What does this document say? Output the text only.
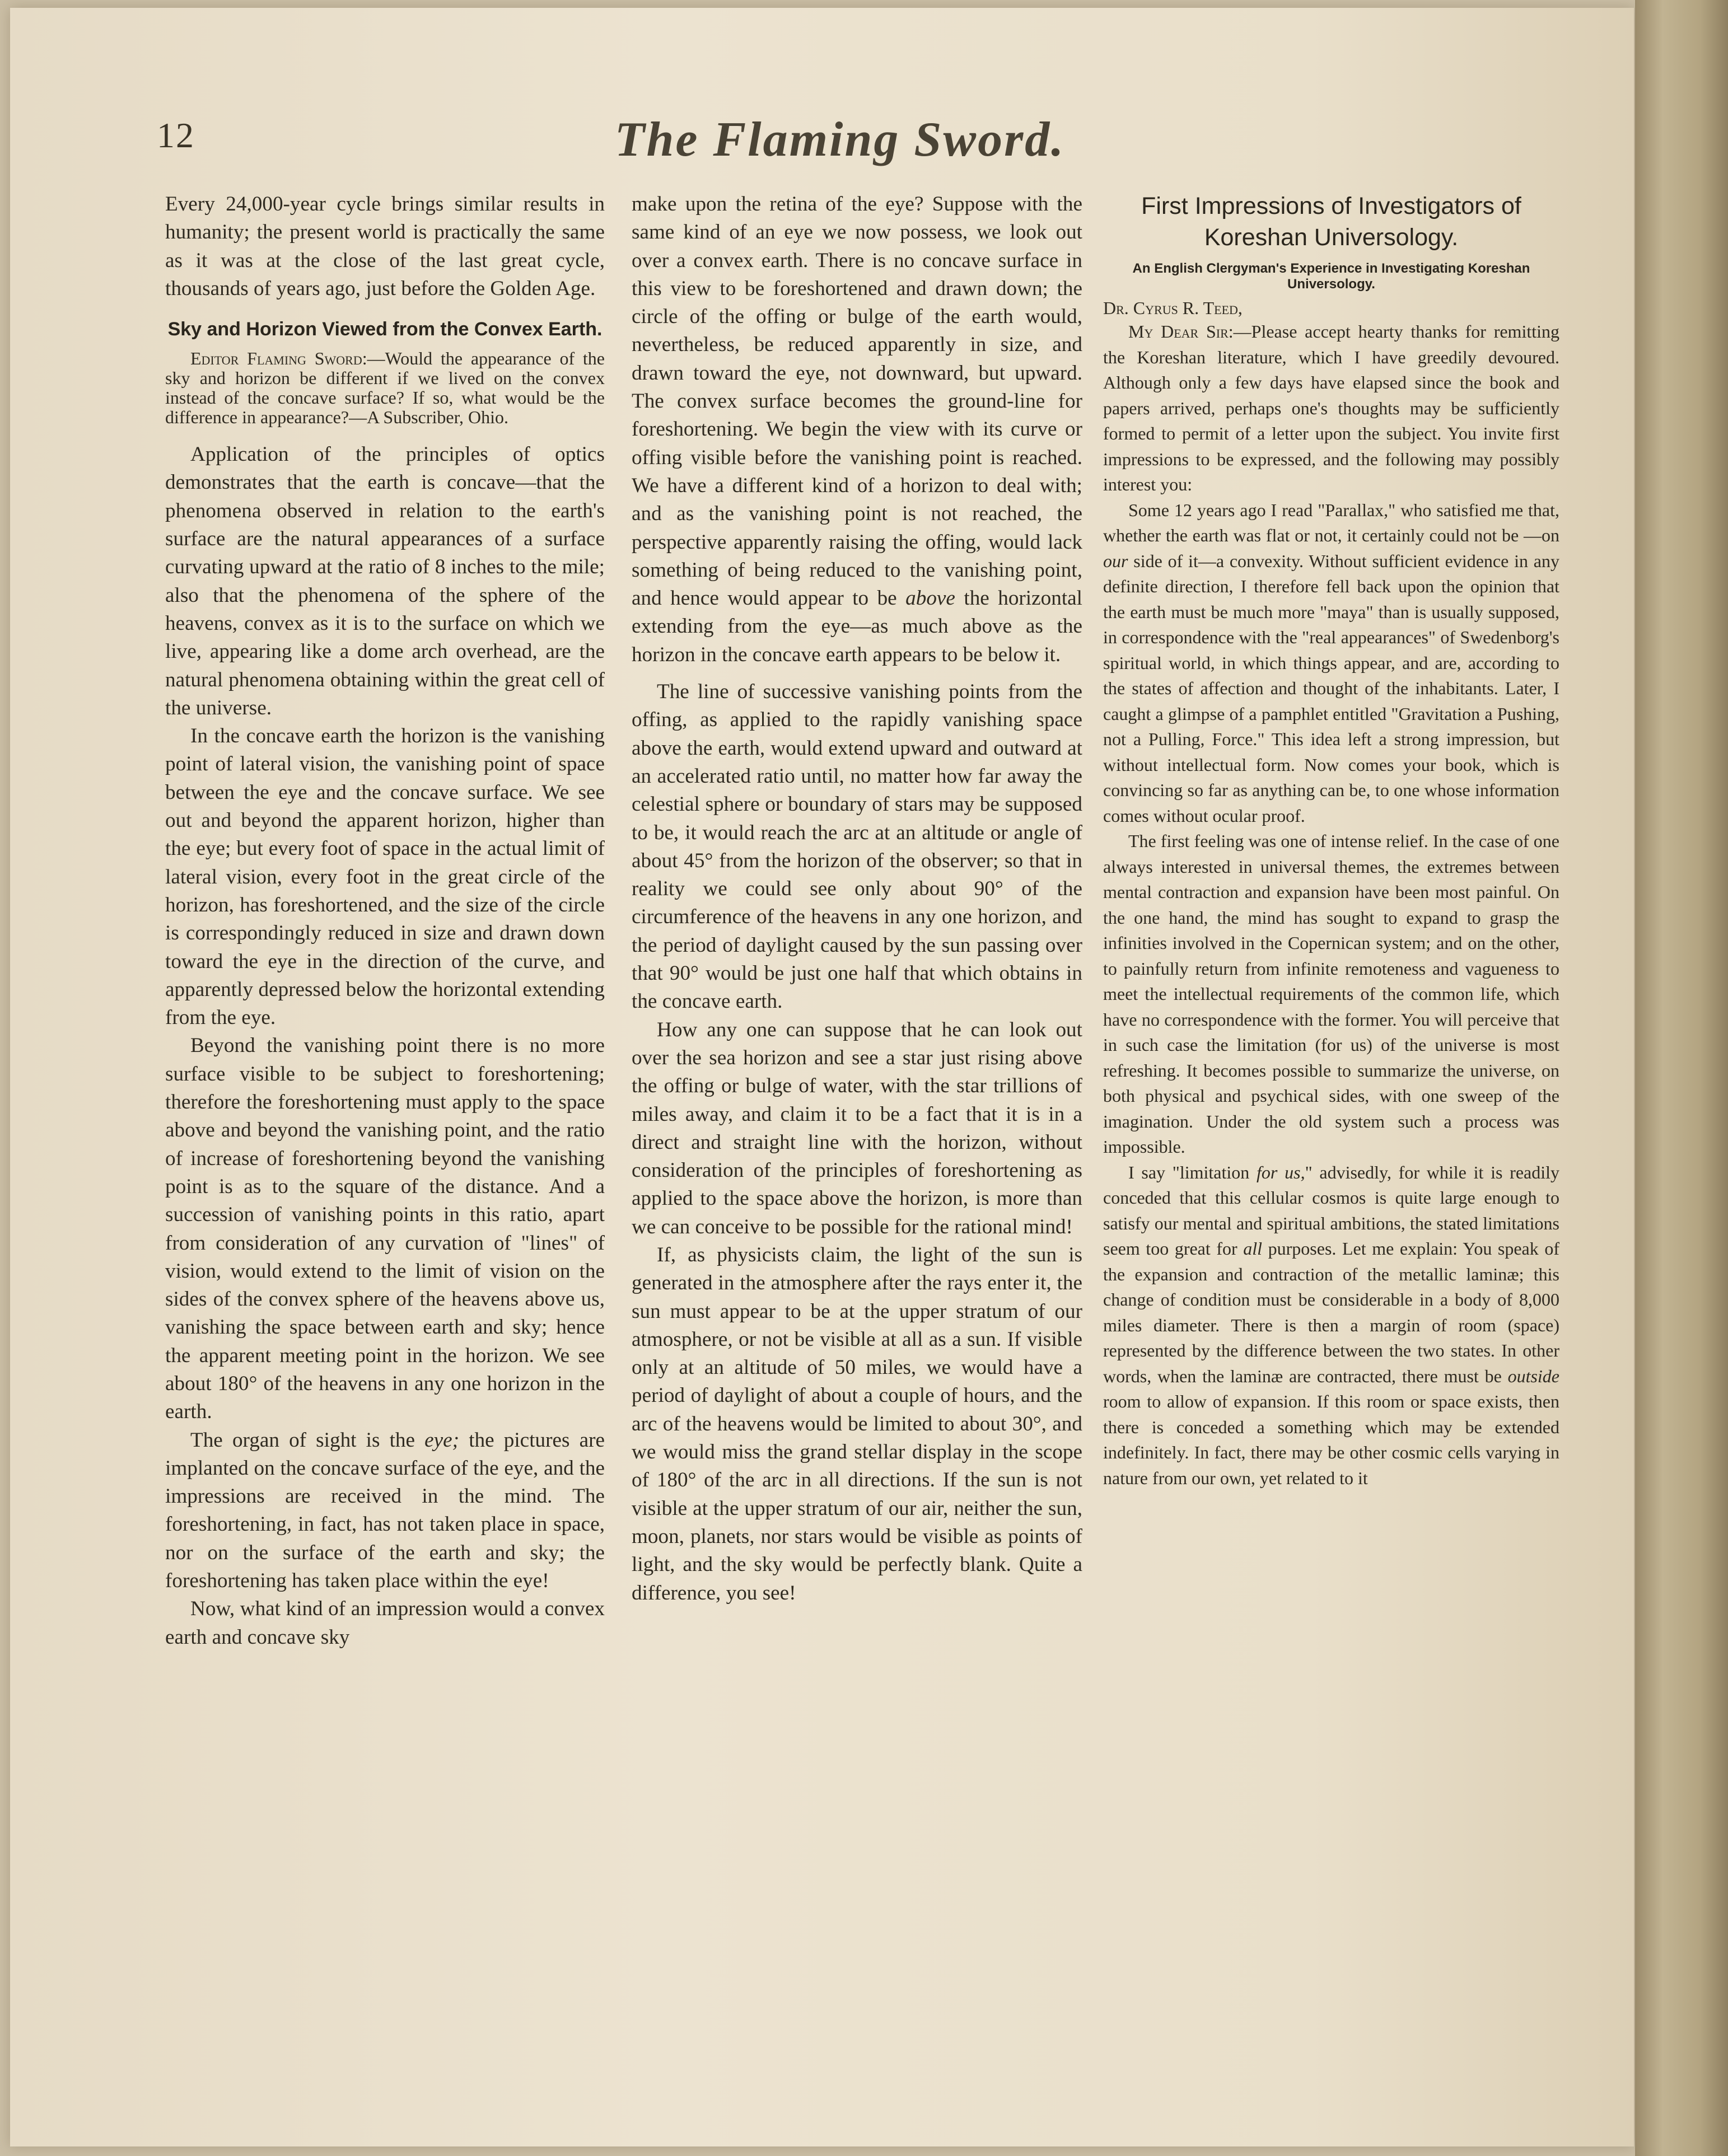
12	The Flaming Sword.

Every 24,000-year cycle brings similar results in humanity; the present world is practically the same as it was at the close of the last great cycle, thousands of years ago, just before the Golden Age.

Sky and Horizon Viewed from the Convex Earth.

Editor Flaming Sword:—Would the appearance of the sky and horizon be different if we lived on the convex instead of the concave surface? If so, what would be the difference in appearance?—A Subscriber, Ohio.

Application of the principles of optics demonstrates that the earth is concave—that the phenomena observed in relation to the earth's surface are the natural appearances of a surface curvating upward at the ratio of 8 inches to the mile; also that the phenomena of the sphere of the heavens, convex as it is to the surface on which we live, appearing like a dome arch overhead, are the natural phenomena obtaining within the great cell of the universe.

In the concave earth the horizon is the vanishing point of lateral vision, the vanishing point of space between the eye and the concave surface. We see out and beyond the apparent horizon, higher than the eye; but every foot of space in the actual limit of lateral vision, every foot in the great circle of the horizon, has foreshortened, and the size of the circle is correspondingly reduced in size and drawn down toward the eye in the direction of the curve, and apparently depressed below the horizontal extending from the eye.

Beyond the vanishing point there is no more surface visible to be subject to foreshortening; therefore the foreshortening must apply to the space above and beyond the vanishing point, and the ratio of increase of foreshortening beyond the vanishing point is as to the square of the distance. And a succession of vanishing points in this ratio, apart from consideration of any curvation of "lines" of vision, would extend to the limit of vision on the sides of the convex sphere of the heavens above us, vanishing the space between earth and sky; hence the apparent meeting point in the horizon. We see about 180° of the heavens in any one horizon in the earth.

The organ of sight is the eye; the pictures are implanted on the concave surface of the eye, and the impressions are received in the mind. The foreshortening, in fact, has not taken place in space, nor on the surface of the earth and sky; the foreshortening has taken place within the eye!

Now, what kind of an impression would a convex earth and concave sky

make upon the retina of the eye? Suppose with the same kind of an eye we now possess, we look out over a convex earth. There is no concave surface in this view to be foreshortened and drawn down; the circle of the offing or bulge of the earth would, nevertheless, be reduced apparently in size, and drawn toward the eye, not downward, but upward. The convex surface becomes the ground-line for foreshortening. We begin the view with its curve or offing visible before the vanishing point is reached. We have a different kind of a horizon to deal with; and as the vanishing point is not reached, the perspective apparently raising the offing, would lack something of being reduced to the vanishing point, and hence would appear to be above the horizontal extending from the eye—as much above as the horizon in the concave earth appears to be below it.

The line of successive vanishing points from the offing, as applied to the rapidly vanishing space above the earth, would extend upward and outward at an accelerated ratio until, no matter how far away the celestial sphere or boundary of stars may be supposed to be, it would reach the arc at an altitude or angle of about 45° from the horizon of the observer; so that in reality we could see only about 90° of the circumference of the heavens in any one horizon, and the period of daylight caused by the sun passing over that 90° would be just one half that which obtains in the concave earth.

How any one can suppose that he can look out over the sea horizon and see a star just rising above the offing or bulge of water, with the star trillions of miles away, and claim it to be a fact that it is in a direct and straight line with the horizon, without consideration of the principles of foreshortening as applied to the space above the horizon, is more than we can conceive to be possible for the rational mind!

If, as physicists claim, the light of the sun is generated in the atmosphere after the rays enter it, the sun must appear to be at the upper stratum of our atmosphere, or not be visible at all as a sun. If visible only at an altitude of 50 miles, we would have a period of daylight of about a couple of hours, and the arc of the heavens would be limited to about 30°, and we would miss the grand stellar display in the scope of 180° of the arc in all directions. If the sun is not visible at the upper stratum of our air, neither the sun, moon, planets, nor stars would be visible as points of light, and the sky would be perfectly blank. Quite a difference, you see!

First Impressions of Investigators of Koreshan Universology.
An English Clergyman's Experience in Investigating Koreshan Universology.

Dr. Cyrus R. Teed,

My Dear Sir:—Please accept hearty thanks for remitting the Koreshan literature, which I have greedily devoured. Although only a few days have elapsed since the book and papers arrived, perhaps one's thoughts may be sufficiently formed to permit of a letter upon the subject. You invite first impressions to be expressed, and the following may possibly interest you:

Some 12 years ago I read "Parallax," who satisfied me that, whether the earth was flat or not, it certainly could not be —on our side of it—a convexity. Without sufficient evidence in any definite direction, I therefore fell back upon the opinion that the earth must be much more "maya" than is usually supposed, in correspondence with the "real appearances" of Swedenborg's spiritual world, in which things appear, and are, according to the states of affection and thought of the inhabitants. Later, I caught a glimpse of a pamphlet entitled "Gravitation a Pushing, not a Pulling, Force." This idea left a strong impression, but without intellectual form. Now comes your book, which is convincing so far as anything can be, to one whose information comes without ocular proof.

The first feeling was one of intense relief. In the case of one always interested in universal themes, the extremes between mental contraction and expansion have been most painful. On the one hand, the mind has sought to expand to grasp the infinities involved in the Copernican system; and on the other, to painfully return from infinite remoteness and vagueness to meet the intellectual requirements of the common life, which have no correspondence with the former. You will perceive that in such case the limitation (for us) of the universe is most refreshing. It becomes possible to summarize the universe, on both physical and psychical sides, with one sweep of the imagination. Under the old system such a process was impossible.

I say "limitation for us," advisedly, for while it is readily conceded that this cellular cosmos is quite large enough to satisfy our mental and spiritual ambitions, the stated limitations seem too great for all purposes. Let me explain: You speak of the expansion and contraction of the metallic laminæ; this change of condition must be considerable in a body of 8,000 miles diameter. There is then a margin of room (space) represented by the difference between the two states. In other words, when the laminæ are contracted, there must be outside room to allow of expansion. If this room or space exists, then there is conceded a something which may be extended indefinitely. In fact, there may be other cosmic cells varying in nature from our own, yet related to it
